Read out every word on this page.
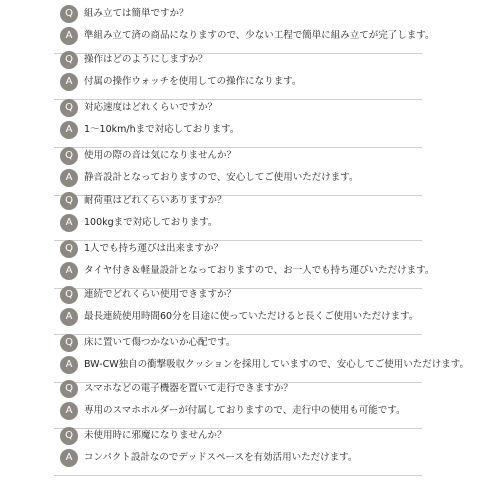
Q	組み立ては簡単ですか？
A	準組み立て済の商品になりますので、少ない工程で簡単に組み立てが完了します。
Q	操作はどのようにしますか？
A	付属の操作ウォッチを使用しての操作になります。
Q	対応速度はどれくらいですか？
A	1〜10km/hまで対応しております。
Q	使用の際の音は気になりませんか？
A	静音設計となっておりますので、安心してご使用いただけます。
Q	耐荷重はどれくらいありますか？
A	100kgまで対応しております。
Q	1人でも持ち運びは出来ますか？
A	タイヤ付き＆軽量設計となっておりますので、お一人でも持ち運びいただけます。
Q	連続でどれくらい使用できますか？
A	最長連続使用時間60分を目途に使っていただけると長くご使用いただけます。
Q	床に置いて傷つかないか心配です。
A	BW-CW独自の衝撃吸収クッションを採用していますので、安心してご使用いただけます。
Q	スマホなどの電子機器を置いて走行できますか？
A	専用のスマホホルダーが付属しておりますので、走行中の使用も可能です。
Q	未使用時に邪魔になりませんか？
A	コンパクト設計なのでデッドスペースを有効活用いただけます。
